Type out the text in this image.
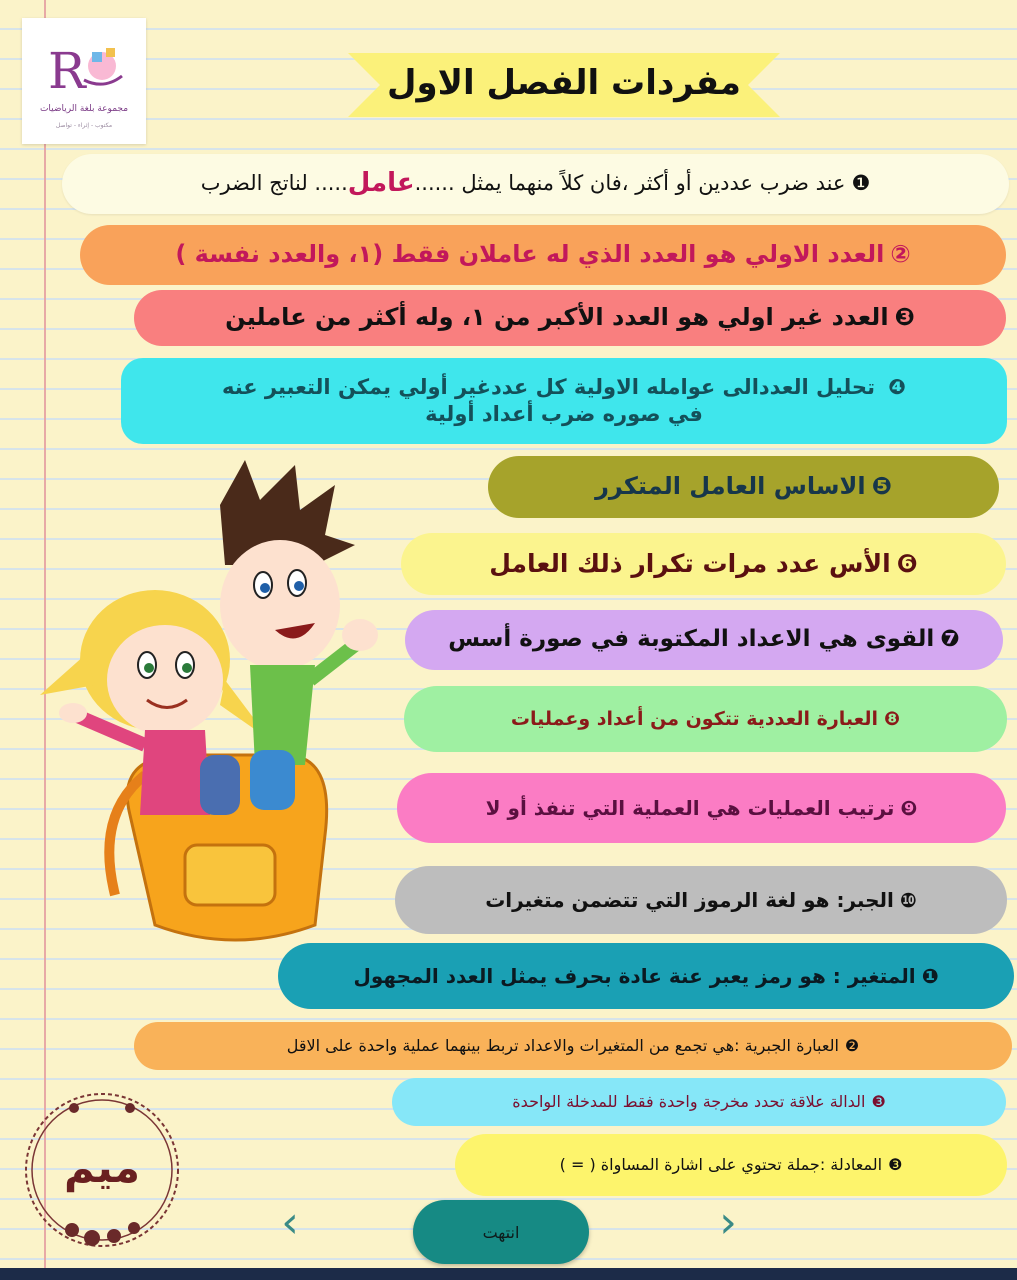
R
مجموعة بلغة الرياضيات
مكتوب - إثراء - تواصل
مفردات الفصل الاول
❶
عند ضرب عددين أو أكثر ،فان كلاً منهما يمثل ......
عامل
..... لناتج الضرب
②
العدد الاولي هو العدد الذي له عاملان فقط (١، والعدد نفسة )
❸
العدد غير اولي هو العدد الأكبر من ١، وله أكثر من عاملين
❹ تحليل العددالى عوامله الاولية كل عددغير أولي يمكن التعبير عنه
في صوره ضرب أعداد أولية
❺
الاساس العامل المتكرر
❻
الأس عدد مرات تكرار ذلك العامل
❼
القوى هي الاعداد المكتوبة في صورة أسس
❽
العبارة العددية تتكون من أعداد وعمليات
❾
ترتيب العمليات هي العملية التي تنفذ أو لا
❿
الجبر: هو لغة الرموز التي تتضمن متغيرات
❶
المتغير : هو رمز يعبر عنة عادة بحرف يمثل العدد المجهول
❷
العبارة الجبرية :هي تجمع من المتغيرات والاعداد تربط بينهما عملية واحدة على الاقل
❸
الدالة علاقة تحدد مخرجة واحدة فقط للمدخلة الواحدة
❸
المعادلة :جملة تحتوي على اشارة المساواة ( = )
ميم
‹	انتهت	›
